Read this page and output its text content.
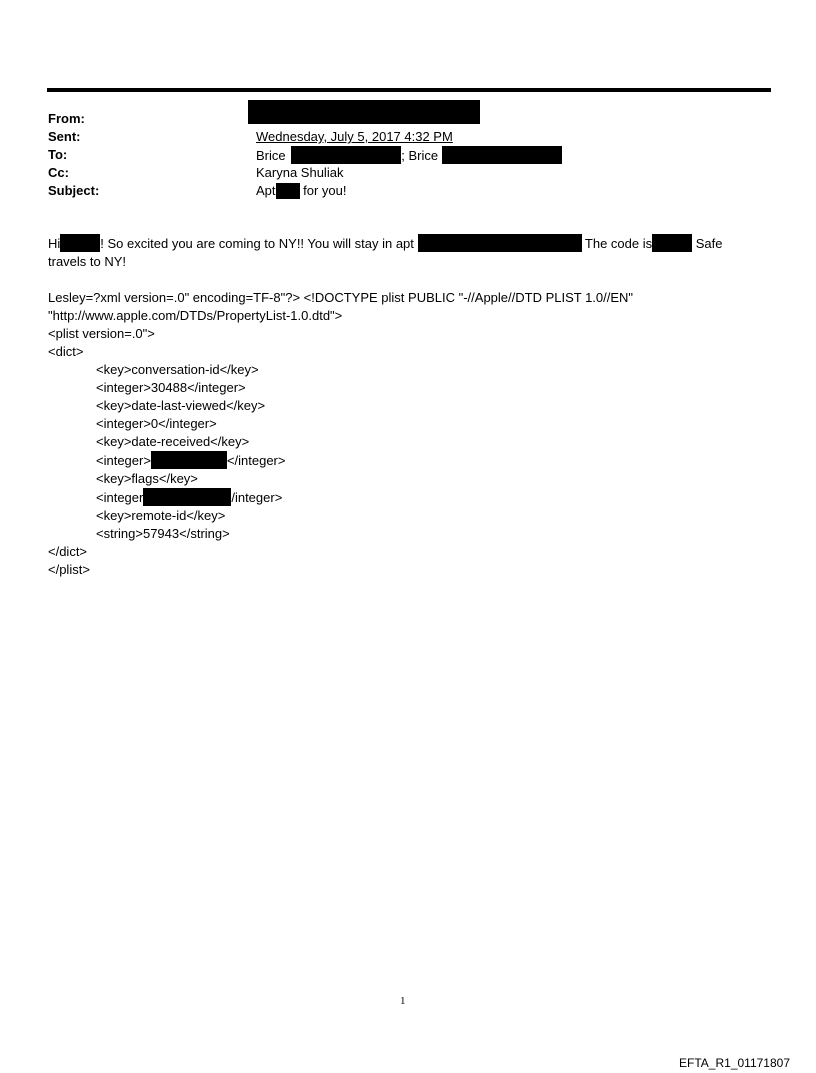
From:
Sent:	Wednesday, July 5, 2017 4:32 PM
To:	Brice	; Brice
Cc:	Karyna Shuliak
Subject:	Apt for you!

Hi	! So excited you are coming to NY!! You will stay in apt	The code is	Safe

travels to NY!

Lesley=?xml version=.0" encoding=TF-8"?> <!DOCTYPE plist PUBLIC "-//Apple//DTD PLIST 1.0//EN"

"http://www.apple.com/DTDs/PropertyList-1.0.dtd">

<plist version=.0">

<dict>

<key>conversation-id</key>

<integer>30488</integer>

<key>date-last-viewed</key>

<integer>0</integer>

<key>date-received</key>

<integer>	</integer>

<key>flags</key>

<integer	/integer>

<key>remote-id</key>

<string>57943</string>

</dict>

</plist>

1
EFTA_R1_01171807
